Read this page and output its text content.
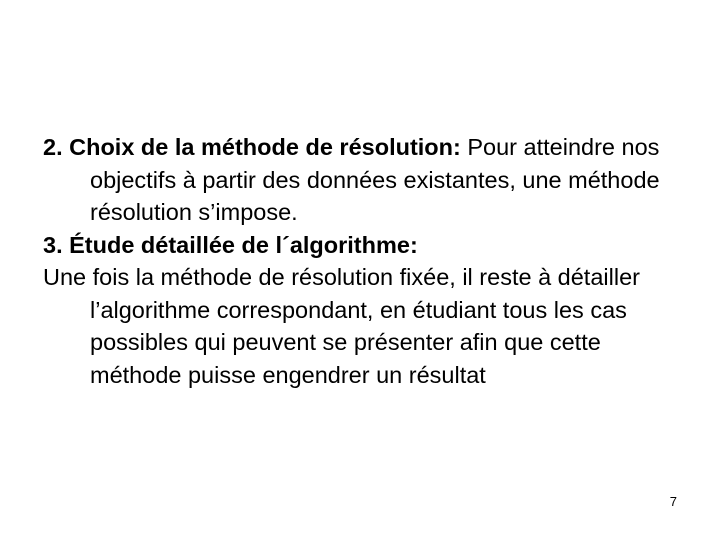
2. Choix de la méthode de résolution: Pour atteindre nos objectifs à partir des données existantes, une méthode résolution s’impose.

3. Étude détaillée de l´algorithme:

Une fois la méthode de résolution fixée, il reste à détailler l’algorithme correspondant, en étudiant tous les cas possibles qui peuvent se présenter afin que cette méthode puisse engendrer un résultat

7
